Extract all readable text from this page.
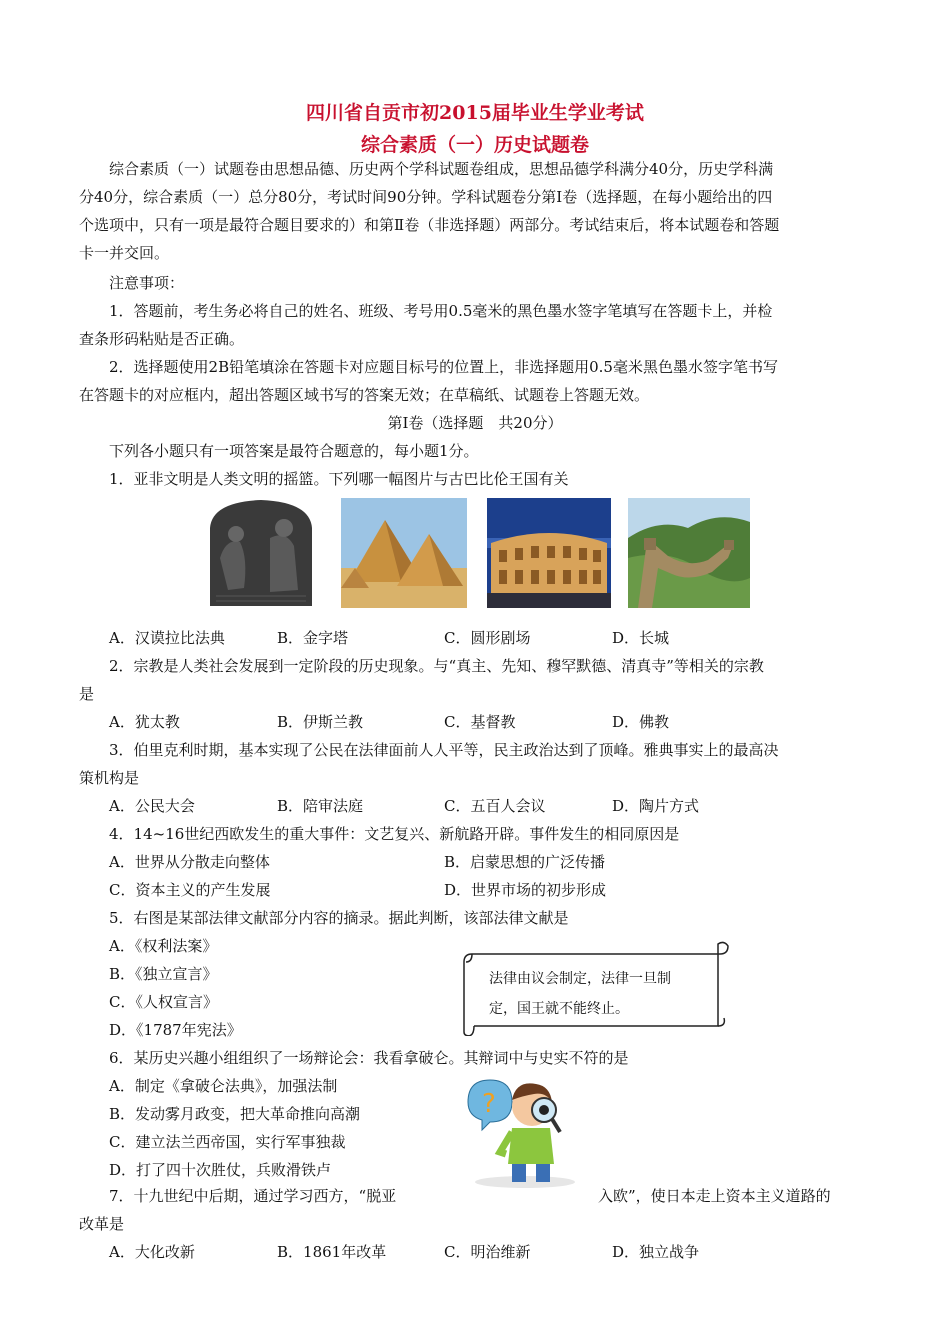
四川省自贡市初2015届毕业生学业考试
综合素质（一）历史试题卷
综合素质（一）试题卷由思想品德、历史两个学科试题卷组成，思想品德学科满分40分，历史学科满
分40分，综合素质（一）总分80分，考试时间90分钟。学科试题卷分第Ⅰ卷（选择题，在每小题给出的四
个选项中，只有一项是最符合题目要求的）和第Ⅱ卷（非选择题）两部分。考试结束后，将本试题卷和答题
卡一并交回。
注意事项：
1．答题前，考生务必将自己的姓名、班级、考号用0.5毫米的黑色墨水签字笔填写在答题卡上，并检
查条形码粘贴是否正确。
2．选择题使用2B铅笔填涂在答题卡对应题目标号的位置上，非选择题用0.5毫米黑色墨水签字笔书写
在答题卡的对应框内，超出答题区域书写的答案无效；在草稿纸、试题卷上答题无效。
第Ⅰ卷（选择题　共20分）
下列各小题只有一项答案是最符合题意的，每小题1分。
1．亚非文明是人类文明的摇篮。下列哪一幅图片与古巴比伦王国有关
A．汉谟拉比法典	B．金字塔	C．圆形剧场	D．长城
2．宗教是人类社会发展到一定阶段的历史现象。与“真主、先知、穆罕默德、清真寺”等相关的宗教
是
A．犹太教	B．伊斯兰教	C．基督教	D．佛教
3．伯里克利时期，基本实现了公民在法律面前人人平等，民主政治达到了顶峰。雅典事实上的最高决
策机构是
A．公民大会	B．陪审法庭	C．五百人会议	D．陶片方式
4．14~16世纪西欧发生的重大事件：文艺复兴、新航路开辟。事件发生的相同原因是
A．世界从分散走向整体	B．启蒙思想的广泛传播
C．资本主义的产生发展	D．世界市场的初步形成
5．右图是某部法律文献部分内容的摘录。据此判断，该部法律文献是
A．《权利法案》
B．《独立宣言》
C．《人权宣言》
D．《1787年宪法》
法律由议会制定，法律一旦制
定，国王就不能终止。
6．某历史兴趣小组组织了一场辩论会：我看拿破仑。其辩词中与史实不符的是
A．制定《拿破仑法典》，加强法制
B．发动雾月政变，把大革命推向高潮
C．建立法兰西帝国，实行军事独裁
D．打了四十次胜仗，兵败滑铁卢
?
7．十九世纪中后期，通过学习西方，“脱亚	入欧”，使日本走上资本主义道路的
改革是
A．大化改新	B．1861年改革	C．明治维新	D．独立战争
